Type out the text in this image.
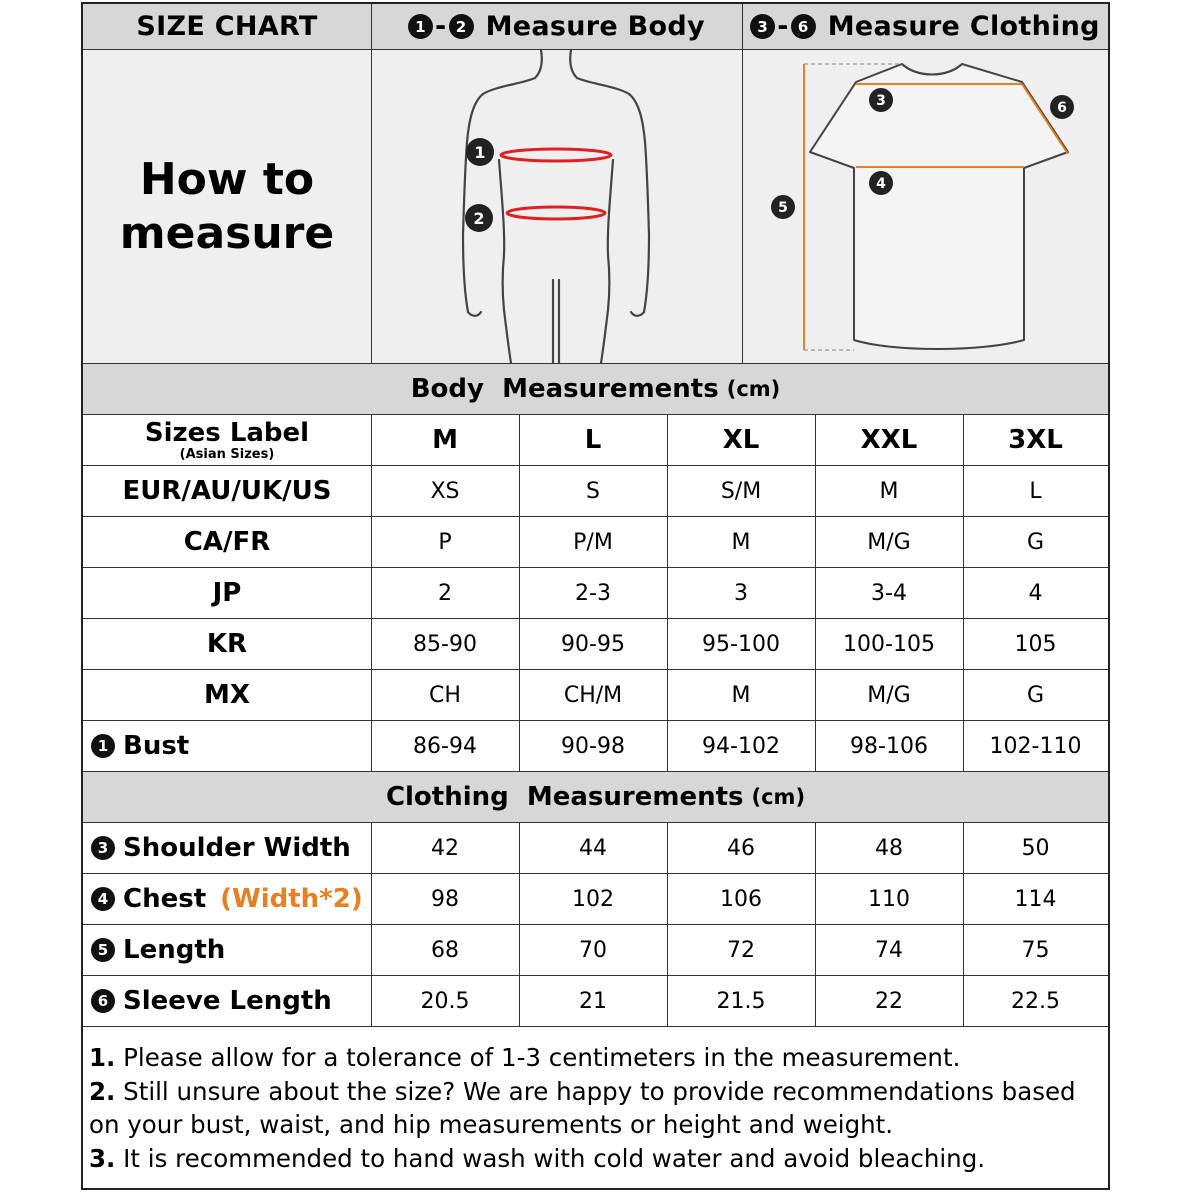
SIZE CHART	1 - 2 Measure Body	3 - 6 Measure Clothing
How to
measure
1
2
3	6
4
5
Body  Measurements (cm)
Sizes Label
(Asian Sizes)	M	L	XL	XXL	3XL
EUR/AU/UK/US	XS	S	S/M	M	L
CA/FR	P	P/M	M	M/G	G
JP	2	2-3	3	3-4	4
KR	85-90	90-95	95-100	100-105	105
MX	CH	CH/M	M	M/G	G
1 Bust	86-94	90-98	94-102	98-106	102-110
Clothing  Measurements (cm)
3 Shoulder Width	42	44	46	48	50
4 Chest (Width*2)	98	102	106	110	114
5 Length	68	70	72	74	75
6 Sleeve Length	20.5	21	21.5	22	22.5
1. Please allow for a tolerance of 1-3 centimeters in the measurement.
2. Still unsure about the size? We are happy to provide recommendations based on your bust, waist, and hip measurements or height and weight.
3. It is recommended to hand wash with cold water and avoid bleaching.
